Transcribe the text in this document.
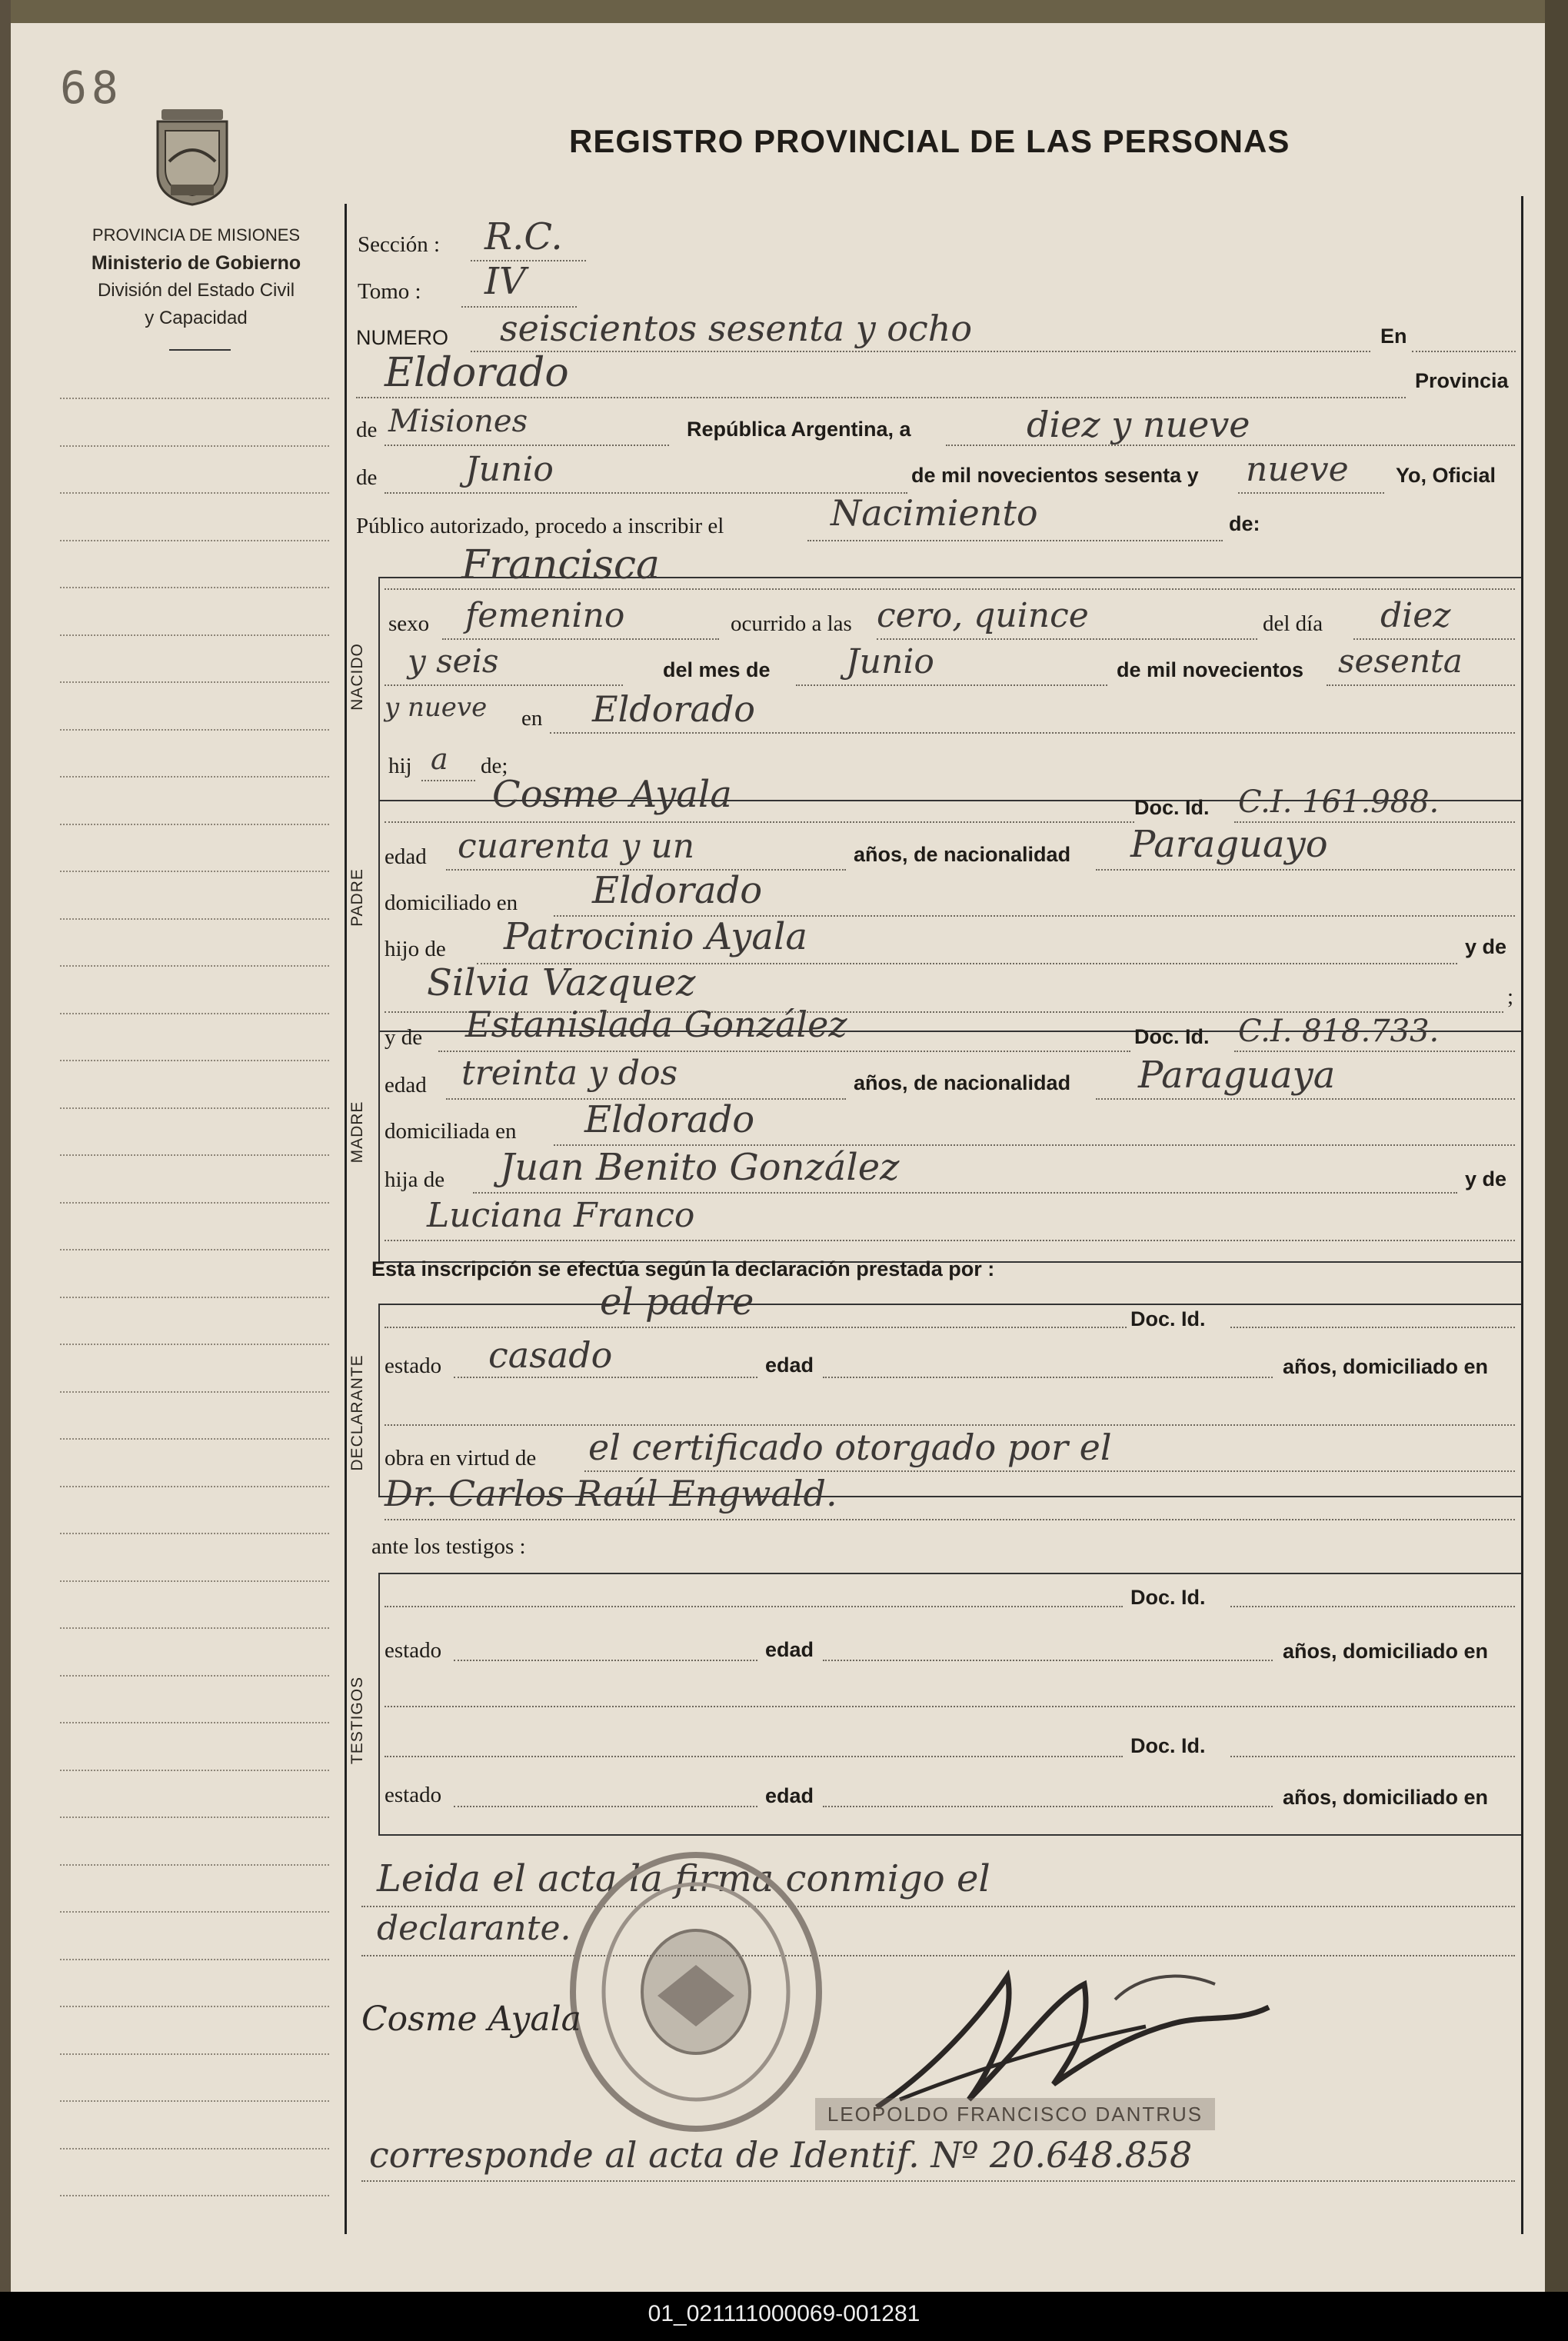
68
PROVINCIA DE MISIONES
Ministerio de Gobierno
División del Estado Civil
y Capacidad
REGISTRO PROVINCIAL DE LAS PERSONAS
NACIDO
PADRE
MADRE
DECLARANTE
TESTIGOS
Sección : R.C.
Tomo : IV
NUMERO seiscientos sesenta y ocho	En
Eldorado	Provincia
de Misiones	República Argentina, a	diez y nueve
de	Junio	de mil novecientos sesenta y nueve Yo, Oficial
Público autorizado, procedo a inscribir el	Nacimiento	de:
Francisca
sexo femenino	ocurrido a las cero, quince	del día diez
y seis	del mes de Junio	de mil novecientos sesenta
y nueve en Eldorado
hij a de;
Cosme Ayala	Doc. Id. C.I. 161.988.
edad cuarenta y un	años, de nacionalidad Paraguayo
domiciliado en Eldorado
hijo de Patrocinio Ayala	y de
Silvia Vazquez	;
y de Estanislada González	Doc. Id. C.I. 818.733.
edad treinta y dos	años, de nacionalidad Paraguaya
domiciliada en Eldorado
hija de Juan Benito González	y de
Luciana Franco
Esta inscripción se efectúa según la declaración prestada por :
el padre	Doc. Id.
estado casado	edad	años, domiciliado en
obra en virtud de el certificado otorgado por el
Dr. Carlos Raúl Engwald.
ante los testigos :
Doc. Id.
estado	edad	años, domiciliado en
Doc. Id.
estado	edad	años, domiciliado en
Leida el acta la firma conmigo el
declarante.
Cosme Ayala
LEOPOLDO FRANCISCO DANTRUS
corresponde al acta de Identif. Nº 20.648.858
01_021111000069-001281
